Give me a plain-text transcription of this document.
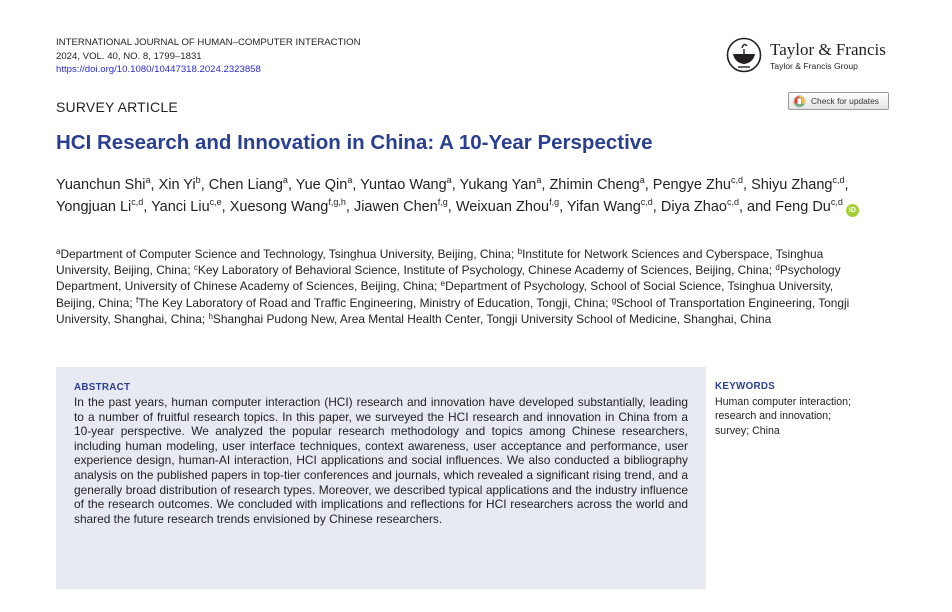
INTERNATIONAL JOURNAL OF HUMAN–COMPUTER INTERACTION
2024, VOL. 40, NO. 8, 1799–1831
https://doi.org/10.1080/10447318.2024.2323858
Taylor & Francis
Taylor & Francis Group
SURVEY ARTICLE	Check for updates
HCI Research and Innovation in China: A 10-Year Perspective
Yuanchun Shi$^a$, Xin Yi$^b$, Chen Liang$^a$, Yue Qin$^a$, Yuntao Wang$^a$, Yukang Yan$^a$, Zhimin Cheng$^a$, Pengye Zhu$^{c,d}$, Shiyu Zhang$^{c,d}$, Yongjuan Li$^{c,d}$, Yanci Liu$^{c,e}$, Xuesong Wang$^{f,g,h}$, Jiawen Chen$^{f,g}$, Weixuan Zhou$^{f,g}$, Yifan Wang$^{c,d}$, Diya Zhao$^{c,d}$, and Feng Du$^{c,d}$iD
$^a$Department of Computer Science and Technology, Tsinghua University, Beijing, China; $^b$Institute for Network Sciences and Cyberspace, Tsinghua University, Beijing, China; $^c$Key Laboratory of Behavioral Science, Institute of Psychology, Chinese Academy of Sciences, Beijing, China; $^d$Psychology Department, University of Chinese Academy of Sciences, Beijing, China; $^e$Department of Psychology, School of Social Science, Tsinghua University, Beijing, China; $^f$The Key Laboratory of Road and Traffic Engineering, Ministry of Education, Tongji, China; $^g$School of Transportation Engineering, Tongji University, Shanghai, China; $^h$Shanghai Pudong New, Area Mental Health Center, Tongji University School of Medicine, Shanghai, China
ABSTRACT
In the past years, human computer interaction (HCI) research and innovation have developed substantially, leading to a number of fruitful research topics. In this paper, we surveyed the HCI research and innovation in China from a 10-year perspective. We analyzed the popular research methodology and topics among Chinese researchers, including human modeling, user interface techniques, context awareness, user acceptance and performance, user experience design, human-AI interaction, HCI applications and social influences. We also conducted a bibliography analysis on the published papers in top-tier conferences and journals, which revealed a significant rising trend, and a generally broad distribution of research types. Moreover, we described typical applications and the industry influence of the research outcomes. We concluded with implications and reflections for HCI researchers across the world and shared the future research trends envisioned by Chinese researchers.
KEYWORDS
Human computer interaction; research and innovation; survey; China
